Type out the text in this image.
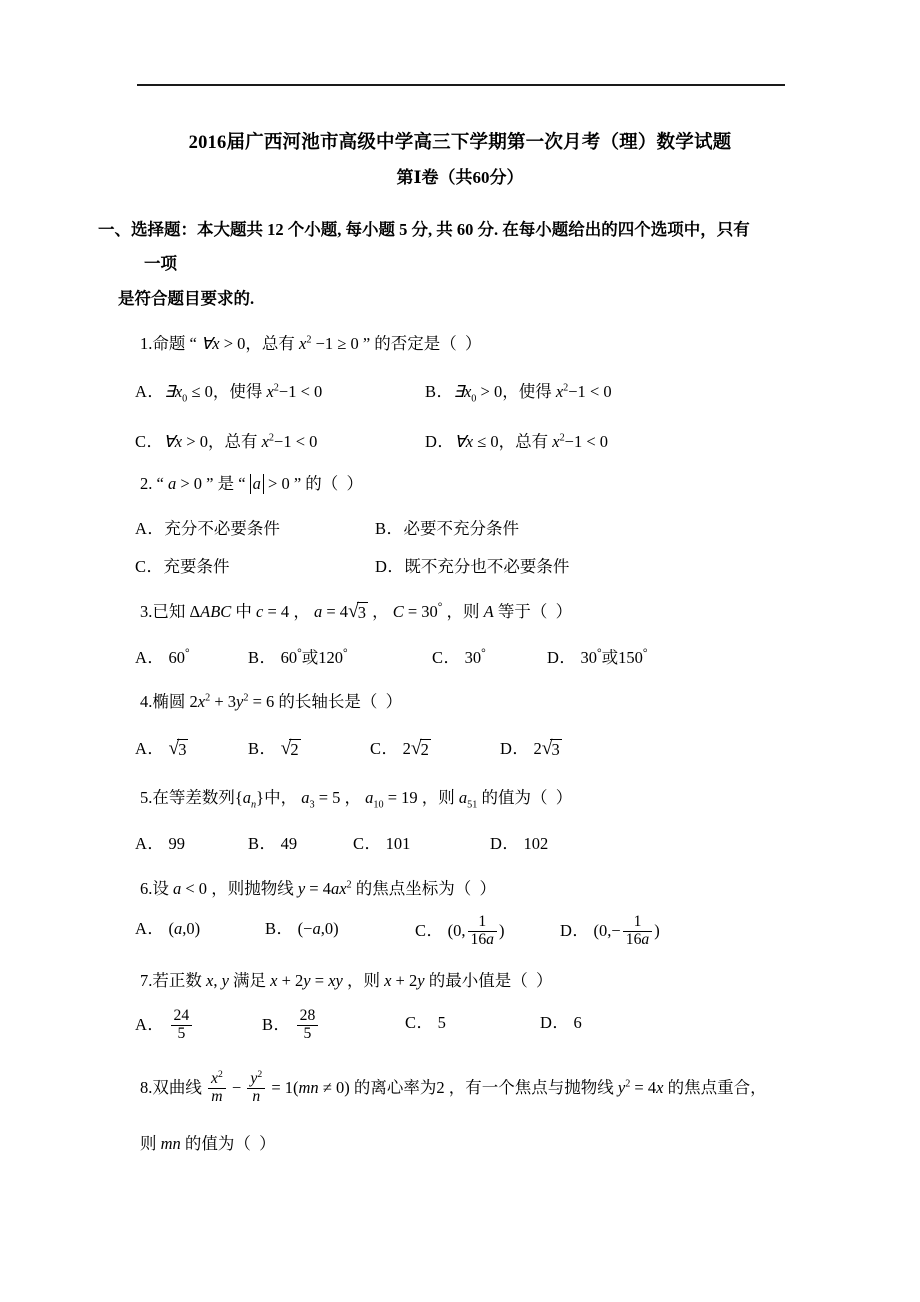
2016届广西河池市高级中学高三下学期第一次月考（理）数学试题
第Ⅰ卷（共60分）
一、选择题：本大题共 12 个小题, 每小题 5 分, 共 60 分. 在每小题给出的四个选项中，只有
一项
是符合题目要求的.
1.命题 “ ∀x > 0，总有 $x^2 -1 \ge 0$ ” 的否定是（  ）
A．$\exists x_0 \le 0$，使得 $x^2-1 < 0$	B．$\exists x_0 > 0$，使得 $x^2-1 < 0$
C．∀x > 0，总有 $x^2-1 < 0$	D．∀x ≤ 0，总有 $x^2-1 < 0$
2. “ a > 0 ” 是 “ a > 0 ” 的（  ）
A．充分不必要条件	B．必要不充分条件
C．充要条件	D．既不充分也不必要条件
3.已知 ΔABC 中 c = 4 ， a = 4√3 ， C = 30° ，则 A 等于（  ）
A． 60°	B． 60°或120°	C． 30°	D． 30°或150°
4.椭圆 $2x^2 + 3y^2 = 6$ 的长轴长是（  ）
A． √3	B． √2	C． 2√2	D． 2√3
5.在等差数列$\{a_n\}$中， $a_3 = 5$ ， $a_{10} = 19$ ，则 $a_{51}$ 的值为（  ）
A． 99	B． 49	C． 101	D． 102
6.设 a < 0 ，则抛物线 $y = 4ax^2$ 的焦点坐标为（  ）
A． (a,0)	B． (−a,0)	C． (0, $\frac{1}{16a}$ )	D． ($0,- \frac{1}{16a}$ )
7.若正数 x, y 满足 x + 2y = xy ，则 x + 2y 的最小值是（  ）
A． $\frac{24}{5}$	B． $\frac{28}{5}$	C． 5	D． 6
8.双曲线 $\frac{x^2}{m} - \frac{y^2}{n} = 1(mn \ne 0)$ 的离心率为2 ，有一个焦点与抛物线 $y^2 = 4x$ 的焦点重合，
则 mn 的值为（  ）
